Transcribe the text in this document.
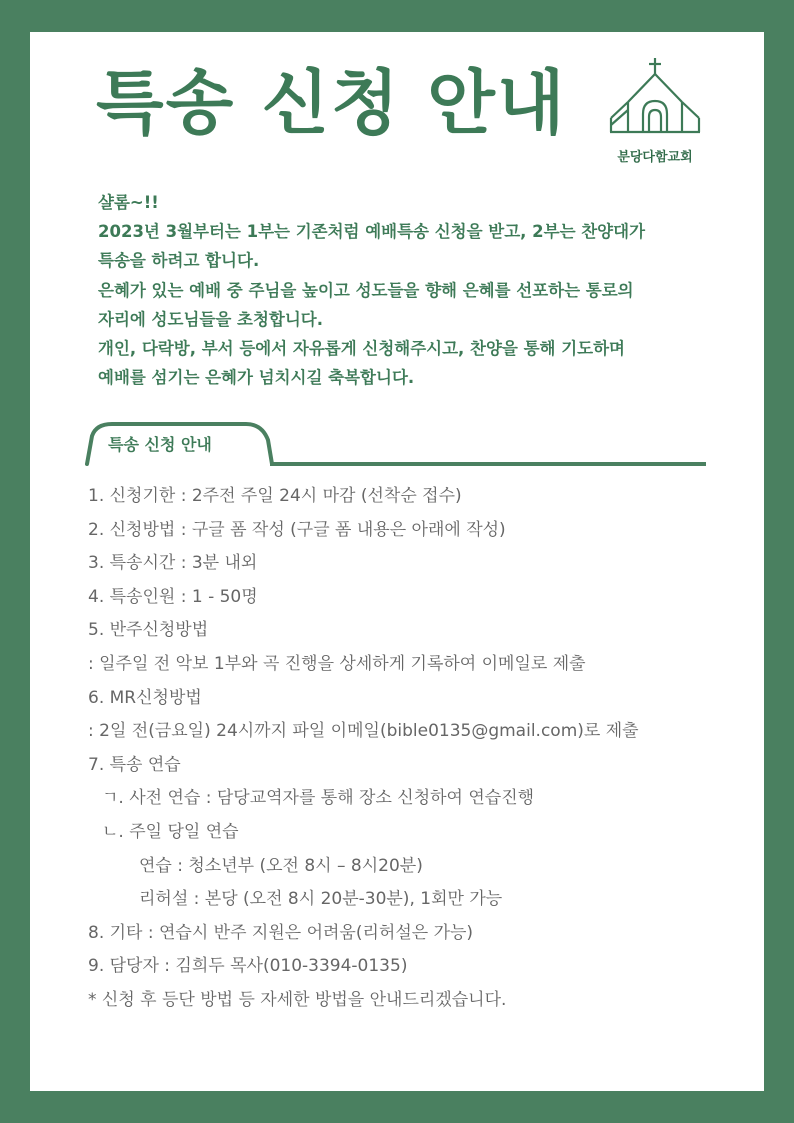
특송 신청 안내
분당다함교회

샬롬~!!

2023년 3월부터는 1부는 기존처럼 예배특송 신청을 받고, 2부는 찬양대가

특송을 하려고 합니다.

은혜가 있는 예배 중 주님을 높이고 성도들을 향해 은혜를 선포하는 통로의

자리에 성도님들을 초청합니다.

개인, 다락방, 부서 등에서 자유롭게 신청해주시고, 찬양을 통해 기도하며

예배를 섬기는 은혜가 넘치시길 축복합니다.

특송 신청 안내
1. 신청기한 : 2주전 주일 24시 마감 (선착순 접수)
2. 신청방법 : 구글 폼 작성 (구글 폼 내용은 아래에 작성)
3. 특송시간 : 3분 내외
4. 특송인원 : 1 - 50명
5. 반주신청방법
: 일주일 전 악보 1부와 곡 진행을 상세하게 기록하여 이메일로 제출
6. MR신청방법
: 2일 전(금요일) 24시까지 파일 이메일(bible0135@gmail.com)로 제출
7. 특송 연습
ㄱ. 사전 연습 : 담당교역자를 통해 장소 신청하여 연습진행
ㄴ. 주일 당일 연습
연습 : 청소년부 (오전 8시 – 8시20분)
리허설 : 본당 (오전 8시 20분-30분), 1회만 가능
8. 기타 : 연습시 반주 지원은 어려움(리허설은 가능)
9. 담당자 : 김희두 목사(010-3394-0135)
* 신청 후 등단 방법 등 자세한 방법을 안내드리겠습니다.
